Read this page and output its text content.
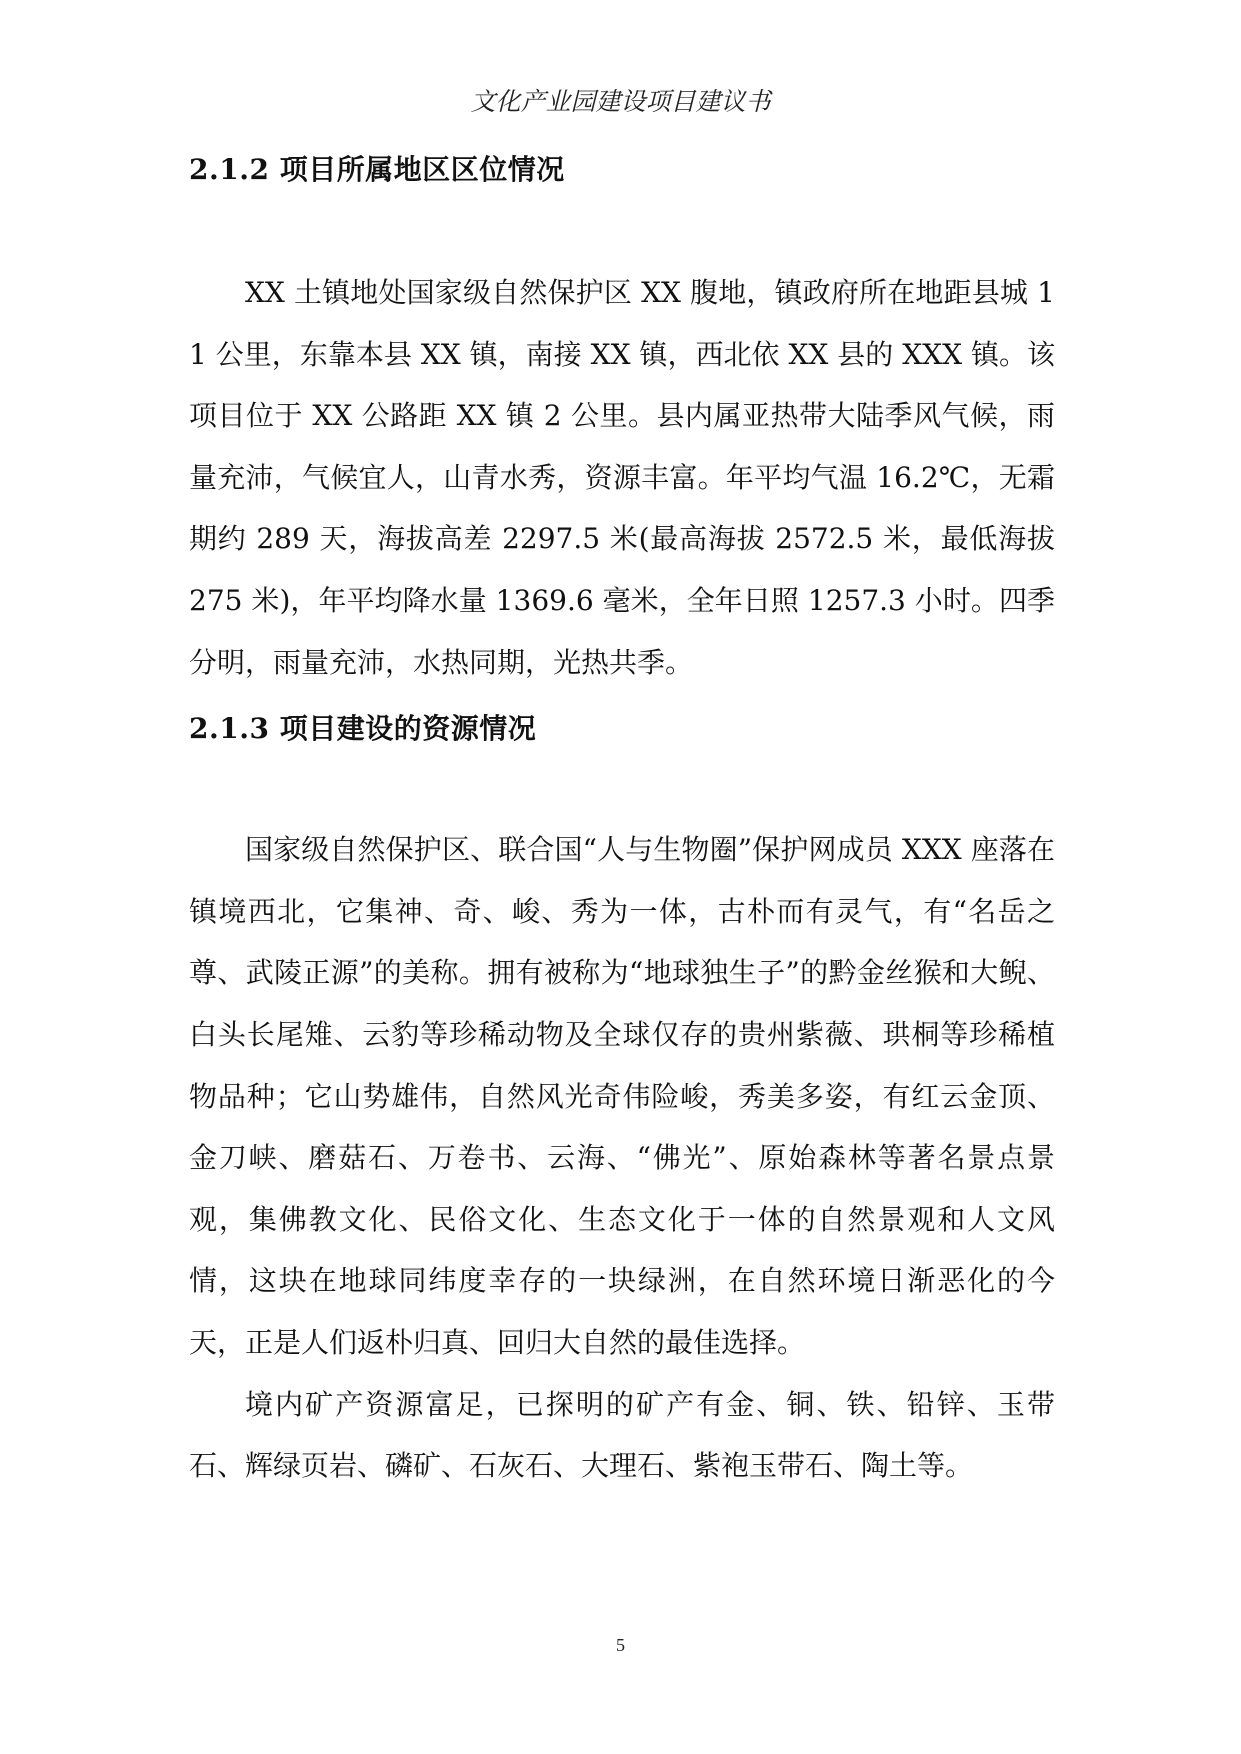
文化产业园建设项目建议书
2.1.2 项目所属地区区位情况

XX 土镇地处国家级自然保护区 XX 腹地，镇政府所在地距县城 11 公里，东靠本县 XX 镇，南接 XX 镇，西北依 XX 县的 XXX 镇。该项目位于 XX 公路距 XX 镇 2 公里。县内属亚热带大陆季风气候，雨量充沛，气候宜人，山青水秀，资源丰富。年平均气温 16.2℃，无霜期约 289 天，海拔高差 2297.5 米(最高海拔 2572.5 米，最低海拔 275 米)，年平均降水量 1369.6 毫米，全年日照 1257.3 小时。四季分明，雨量充沛，水热同期，光热共季。

2.1.3 项目建设的资源情况

国家级自然保护区、联合国“人与生物圈”保护网成员 XXX 座落在镇境西北，它集神、奇、峻、秀为一体，古朴而有灵气，有“名岳之尊、武陵正源”的美称。拥有被称为“地球独生子”的黔金丝猴和大鲵、白头长尾雉、云豹等珍稀动物及全球仅存的贵州紫薇、珙桐等珍稀植物品种；它山势雄伟，自然风光奇伟险峻，秀美多姿，有红云金顶、金刀峡、磨菇石、万卷书、云海、“佛光”、原始森林等著名景点景观，集佛教文化、民俗文化、生态文化于一体的自然景观和人文风情，这块在地球同纬度幸存的一块绿洲，在自然环境日渐恶化的今天，正是人们返朴归真、回归大自然的最佳选择。

境内矿产资源富足，已探明的矿产有金、铜、铁、铅锌、玉带石、辉绿页岩、磷矿、石灰石、大理石、紫袍玉带石、陶土等。

5
